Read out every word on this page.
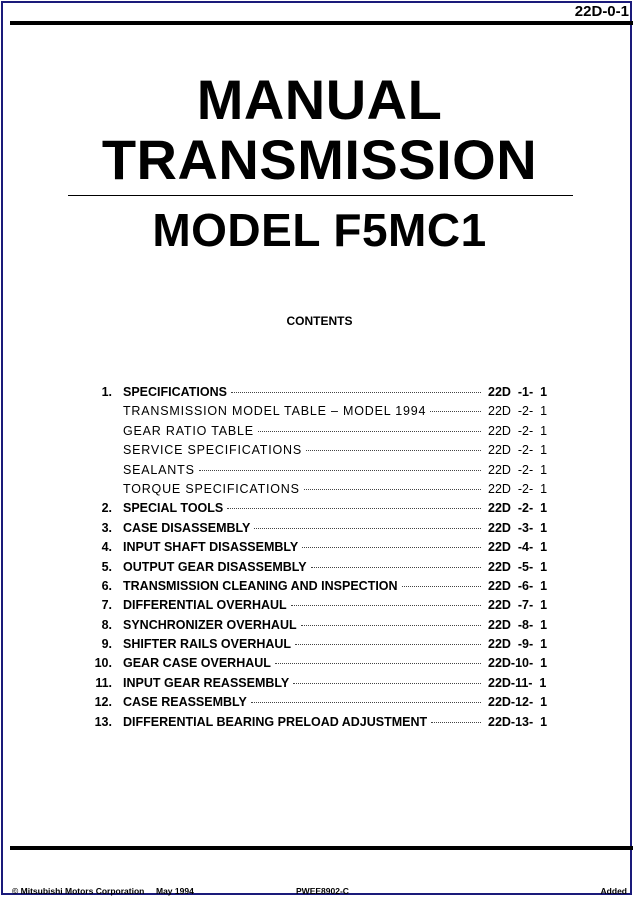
22D-0-1
MANUAL
TRANSMISSION
MODEL F5MC1
CONTENTS
1. SPECIFICATIONS	22D  -1-  1
TRANSMISSION MODEL TABLE – MODEL 1994	22D  -2-  1
GEAR RATIO TABLE	22D  -2-  1
SERVICE SPECIFICATIONS	22D  -2-  1
SEALANTS	22D  -2-  1
TORQUE SPECIFICATIONS	22D  -2-  1
2. SPECIAL TOOLS	22D  -2-  1
3. CASE DISASSEMBLY	22D  -3-  1
4. INPUT SHAFT DISASSEMBLY	22D  -4-  1
5. OUTPUT GEAR DISASSEMBLY	22D  -5-  1
6. TRANSMISSION CLEANING AND INSPECTION	22D  -6-  1
7. DIFFERENTIAL OVERHAUL	22D  -7-  1
8. SYNCHRONIZER OVERHAUL	22D  -8-  1
9. SHIFTER RAILS OVERHAUL	22D  -9-  1
10. GEAR CASE OVERHAUL	22D-10-  1
11. INPUT GEAR REASSEMBLY	22D-11-  1
12. CASE REASSEMBLY	22D-12-  1
13. DIFFERENTIAL BEARING PRELOAD ADJUSTMENT	22D-13-  1
© Mitsubishi Motors Corporation May 1994	PWEE8902-C	Added
